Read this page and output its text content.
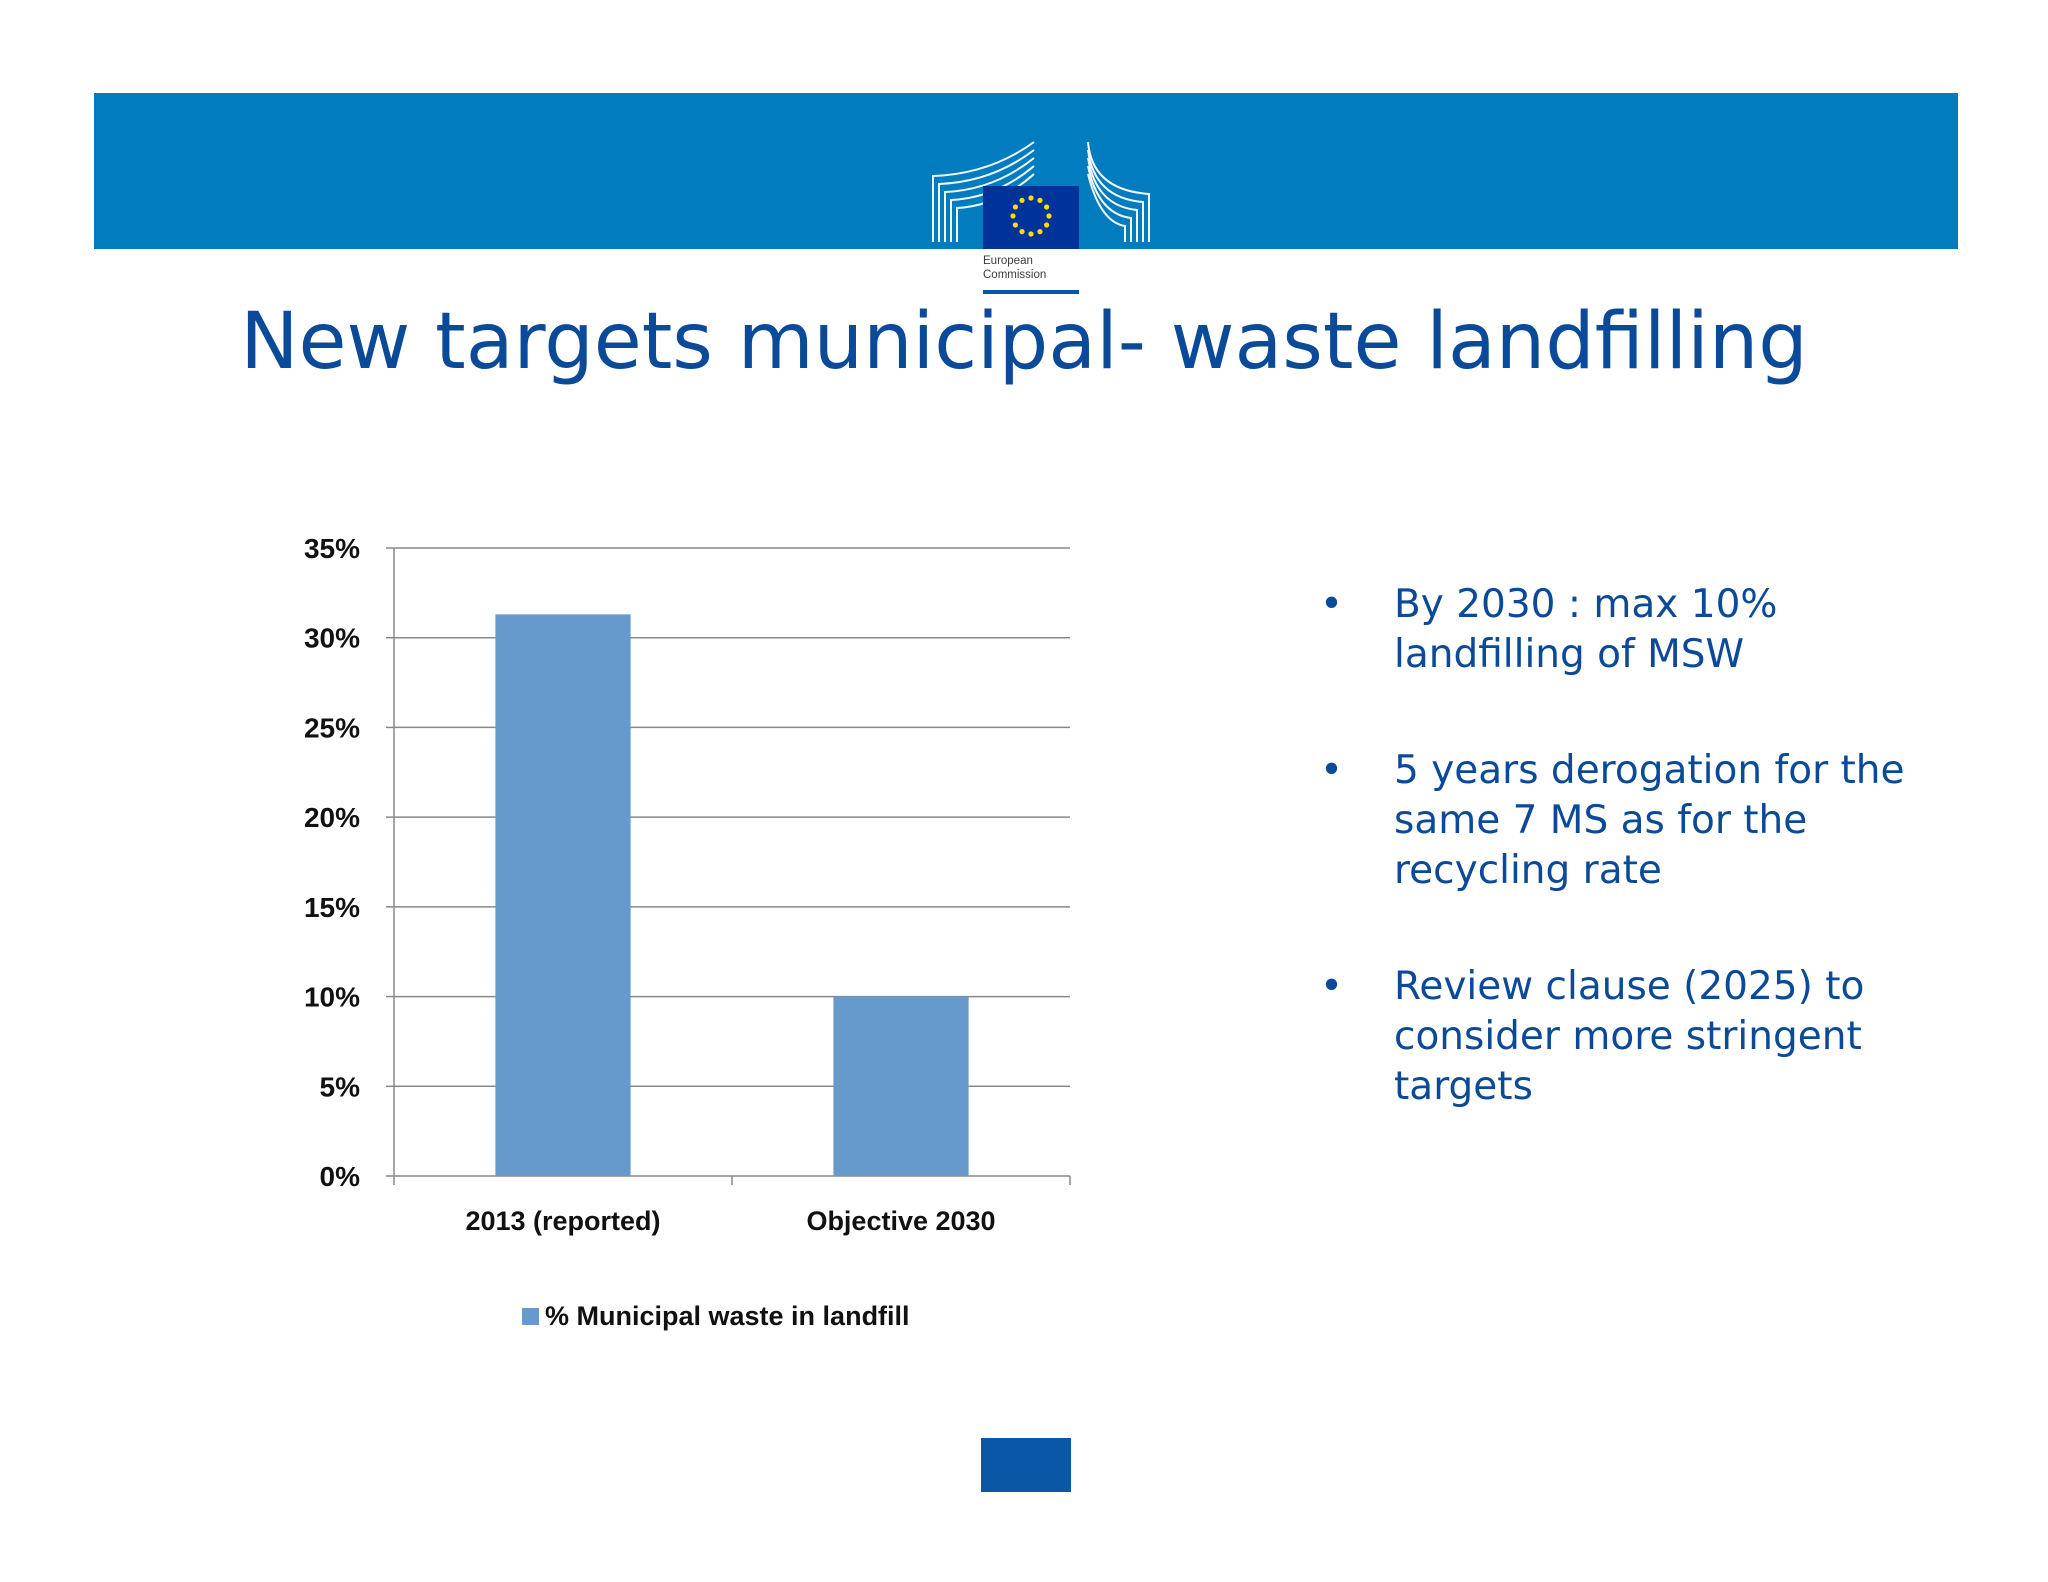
European
Commission
New targets municipal- waste landfilling
0%
5%
10%
15%
20%
25%
30%
35%
2013 (reported)	Objective 2030
% Municipal waste in landfill
• By 2030 : max 10% landfilling of MSW
• 5 years derogation for the same 7 MS as for the recycling rate
• Review clause (2025) to consider more stringent targets
